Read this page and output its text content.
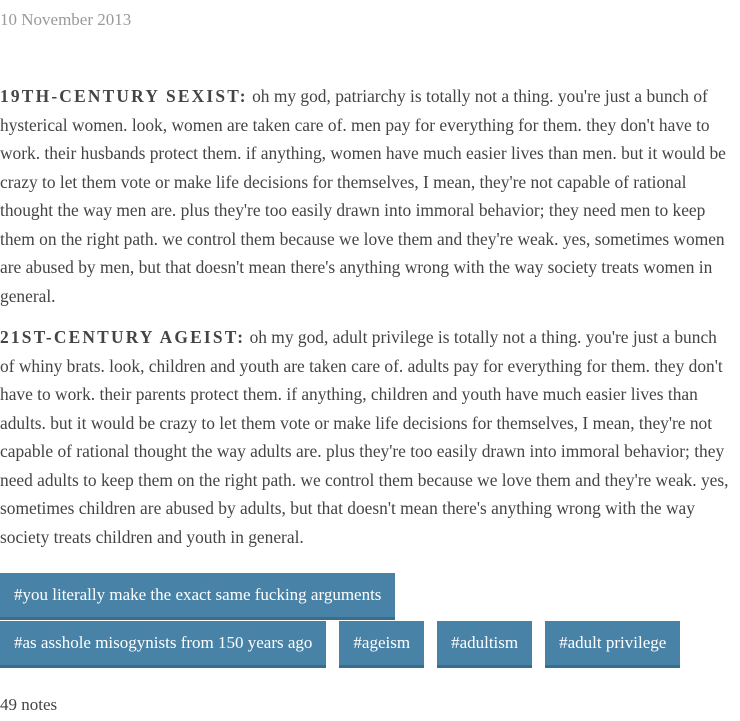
10 November 2013

19TH-CENTURY SEXIST: oh my god, patriarchy is totally not a thing. you're just a bunch of hysterical women. look, women are taken care of. men pay for everything for them. they don't have to work. their husbands protect them. if anything, women have much easier lives than men. but it would be crazy to let them vote or make life decisions for themselves, I mean, they're not capable of rational thought the way men are. plus they're too easily drawn into immoral behavior; they need men to keep them on the right path. we control them because we love them and they're weak. yes, sometimes women are abused by men, but that doesn't mean there's anything wrong with the way society treats women in general.

21ST-CENTURY AGEIST: oh my god, adult privilege is totally not a thing. you're just a bunch of whiny brats. look, children and youth are taken care of. adults pay for everything for them. they don't have to work. their parents protect them. if anything, children and youth have much easier lives than adults. but it would be crazy to let them vote or make life decisions for themselves, I mean, they're not capable of rational thought the way adults are. plus they're too easily drawn into immoral behavior; they need adults to keep them on the right path. we control them because we love them and they're weak. yes, sometimes children are abused by adults, but that doesn't mean there's anything wrong with the way society treats children and youth in general.

#you literally make the exact same fucking arguments
#as asshole misogynists from 150 years ago	#ageism	#adultism	#adult privilege
49 notes
